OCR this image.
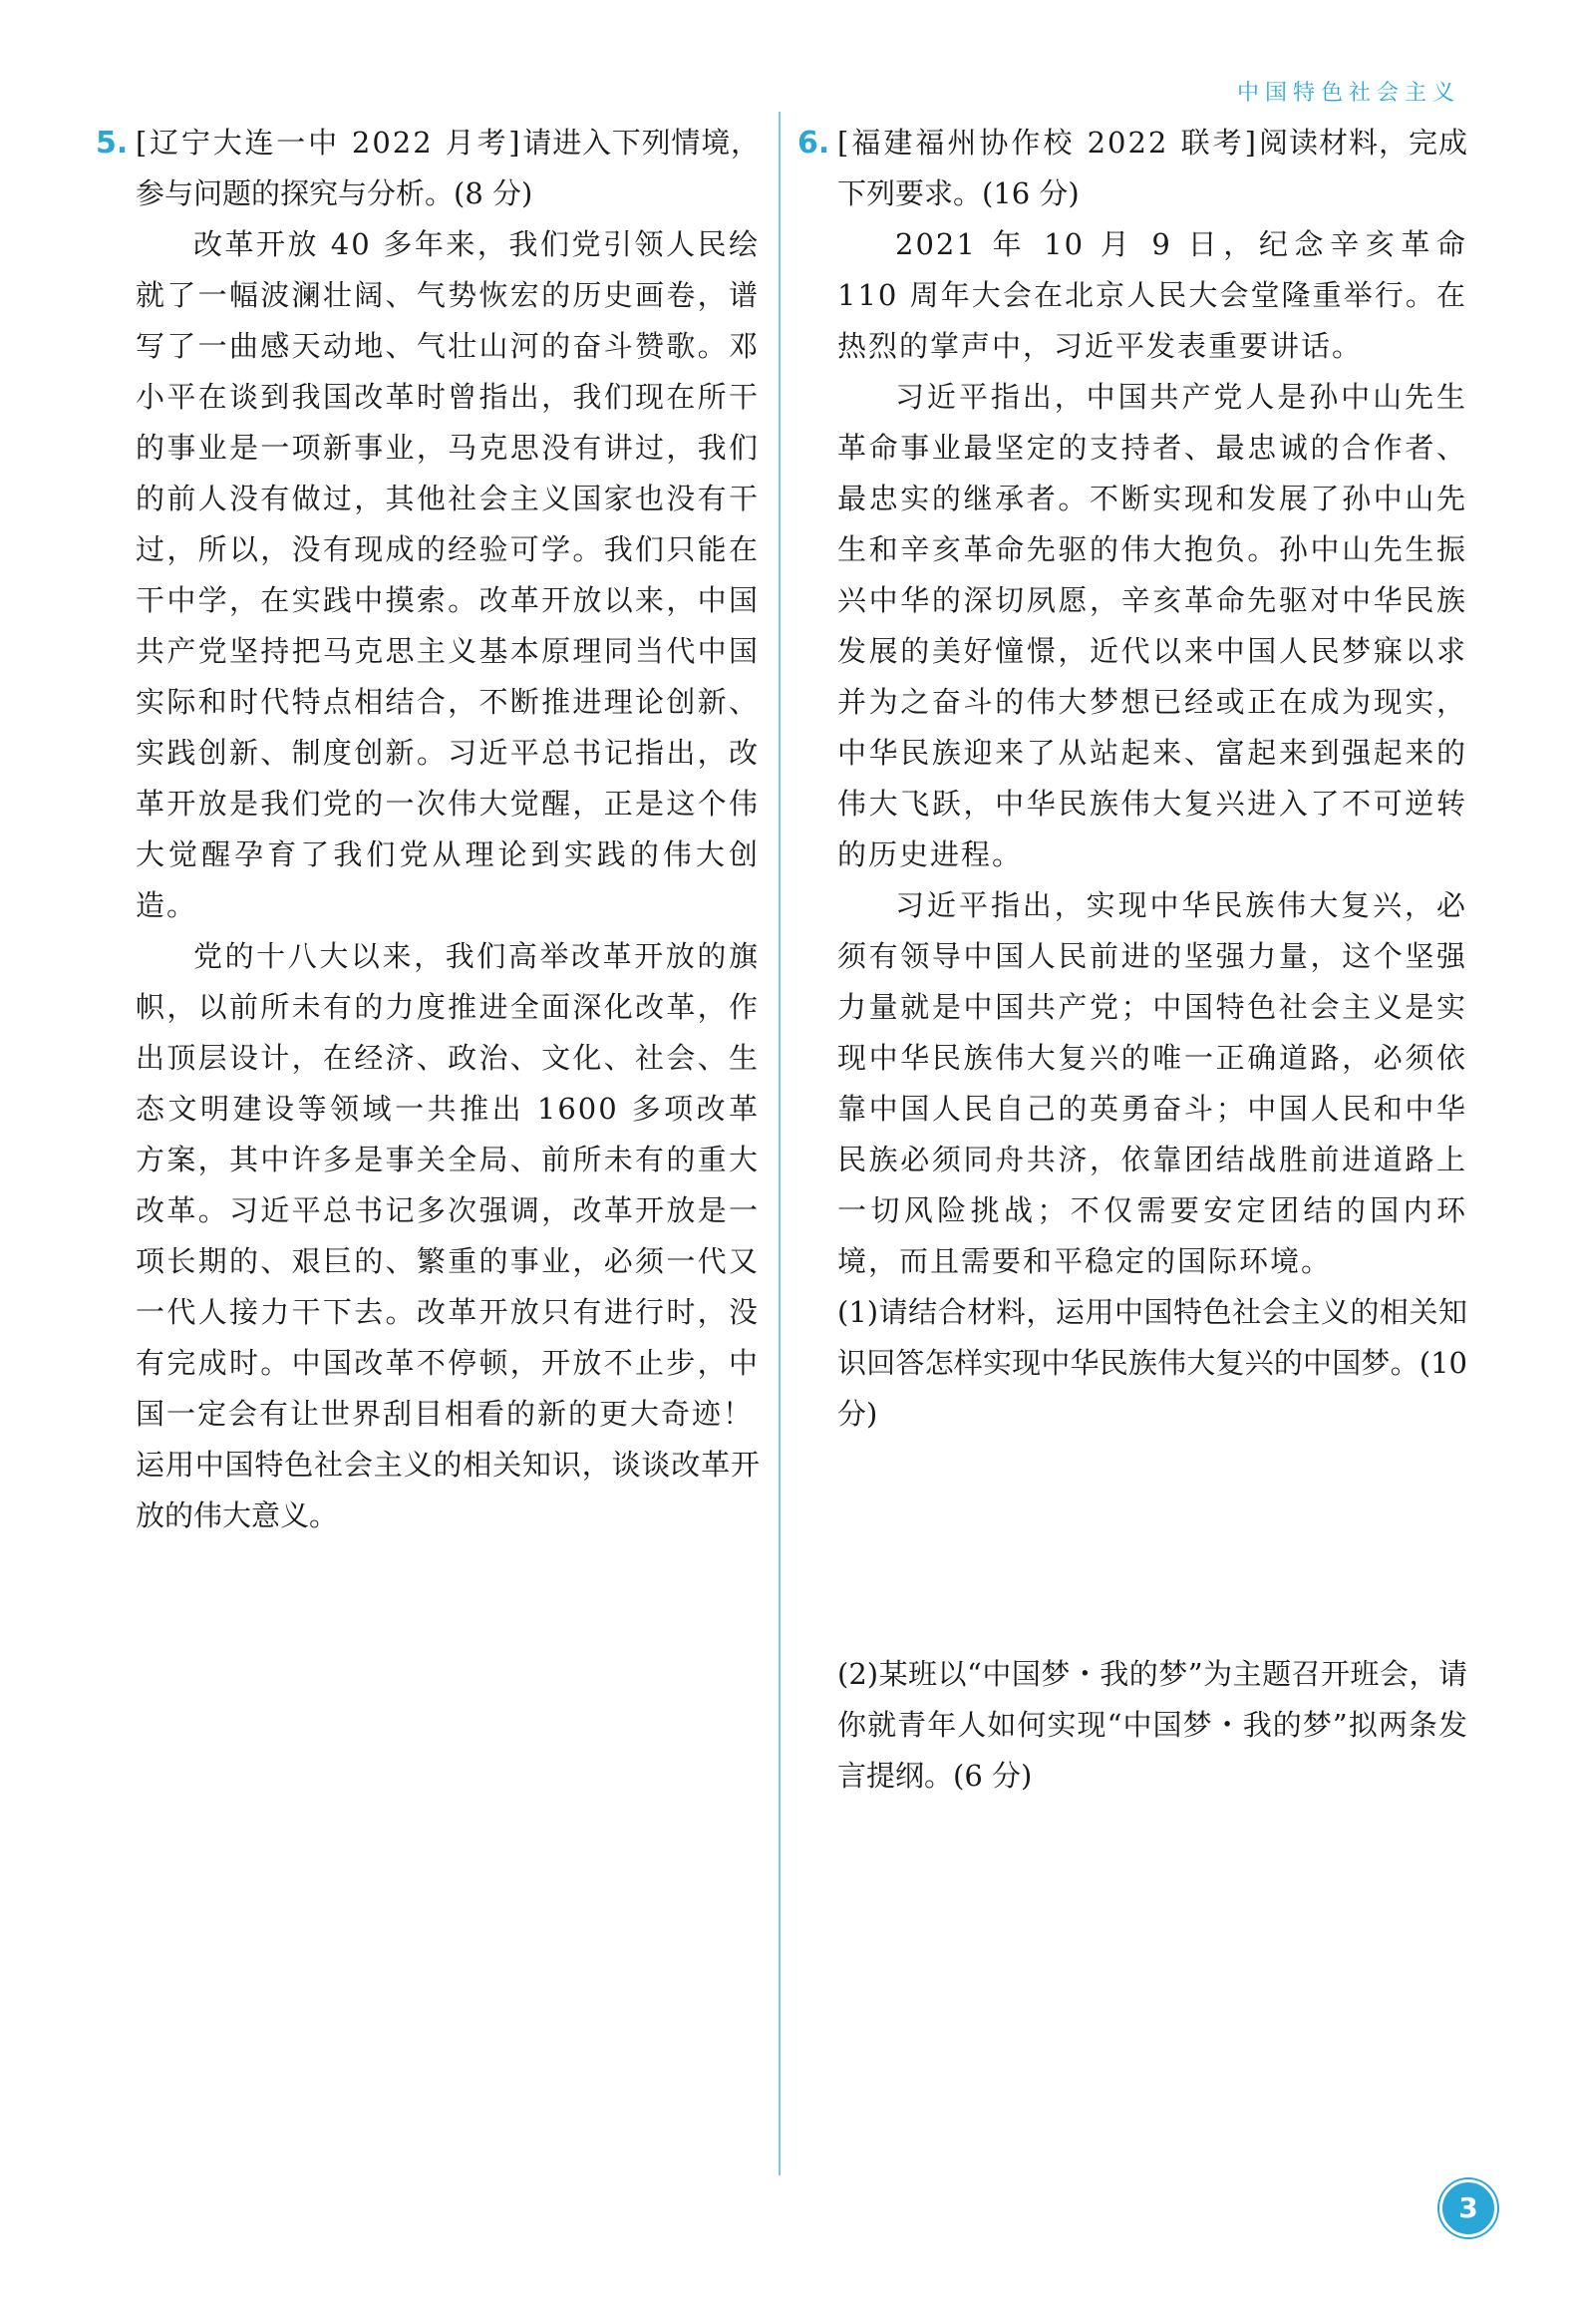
中国特色社会主义

5. [辽宁大连一中 2022 月考]请进入下列情境，参与问题的探究与分析。(8 分)

改革开放 40 多年来，我们党引领人民绘就了一幅波澜壮阔、气势恢宏的历史画卷，谱写了一曲感天动地、气壮山河的奋斗赞歌。邓小平在谈到我国改革时曾指出，我们现在所干的事业是一项新事业，马克思没有讲过，我们的前人没有做过，其他社会主义国家也没有干过，所以，没有现成的经验可学。我们只能在干中学，在实践中摸索。改革开放以来，中国共产党坚持把马克思主义基本原理同当代中国实际和时代特点相结合，不断推进理论创新、实践创新、制度创新。习近平总书记指出，改革开放是我们党的一次伟大觉醒，正是这个伟大觉醒孕育了我们党从理论到实践的伟大创造。

党的十八大以来，我们高举改革开放的旗帜，以前所未有的力度推进全面深化改革，作出顶层设计，在经济、政治、文化、社会、生态文明建设等领域一共推出 1600 多项改革方案，其中许多是事关全局、前所未有的重大改革。习近平总书记多次强调，改革开放是一项长期的、艰巨的、繁重的事业，必须一代又一代人接力干下去。改革开放只有进行时，没有完成时。中国改革不停顿，开放不止步，中国一定会有让世界刮目相看的新的更大奇迹！

运用中国特色社会主义的相关知识，谈谈改革开放的伟大意义。

6. [福建福州协作校 2022 联考]阅读材料，完成下列要求。(16 分)

2021 年 10 月 9 日，纪念辛亥革命 110 周年大会在北京人民大会堂隆重举行。在热烈的掌声中，习近平发表重要讲话。

习近平指出，中国共产党人是孙中山先生革命事业最坚定的支持者、最忠诚的合作者、最忠实的继承者。不断实现和发展了孙中山先生和辛亥革命先驱的伟大抱负。孙中山先生振兴中华的深切夙愿，辛亥革命先驱对中华民族发展的美好憧憬，近代以来中国人民梦寐以求并为之奋斗的伟大梦想已经或正在成为现实，中华民族迎来了从站起来、富起来到强起来的伟大飞跃，中华民族伟大复兴进入了不可逆转的历史进程。

习近平指出，实现中华民族伟大复兴，必须有领导中国人民前进的坚强力量，这个坚强力量就是中国共产党；中国特色社会主义是实现中华民族伟大复兴的唯一正确道路，必须依靠中国人民自己的英勇奋斗；中国人民和中华民族必须同舟共济，依靠团结战胜前进道路上一切风险挑战；不仅需要安定团结的国内环境，而且需要和平稳定的国际环境。

(1)请结合材料，运用中国特色社会主义的相关知识回答怎样实现中华民族伟大复兴的中国梦。(10 分)

(2)某班以“中国梦・我的梦”为主题召开班会，请你就青年人如何实现“中国梦・我的梦”拟两条发言提纲。(6 分)

3
